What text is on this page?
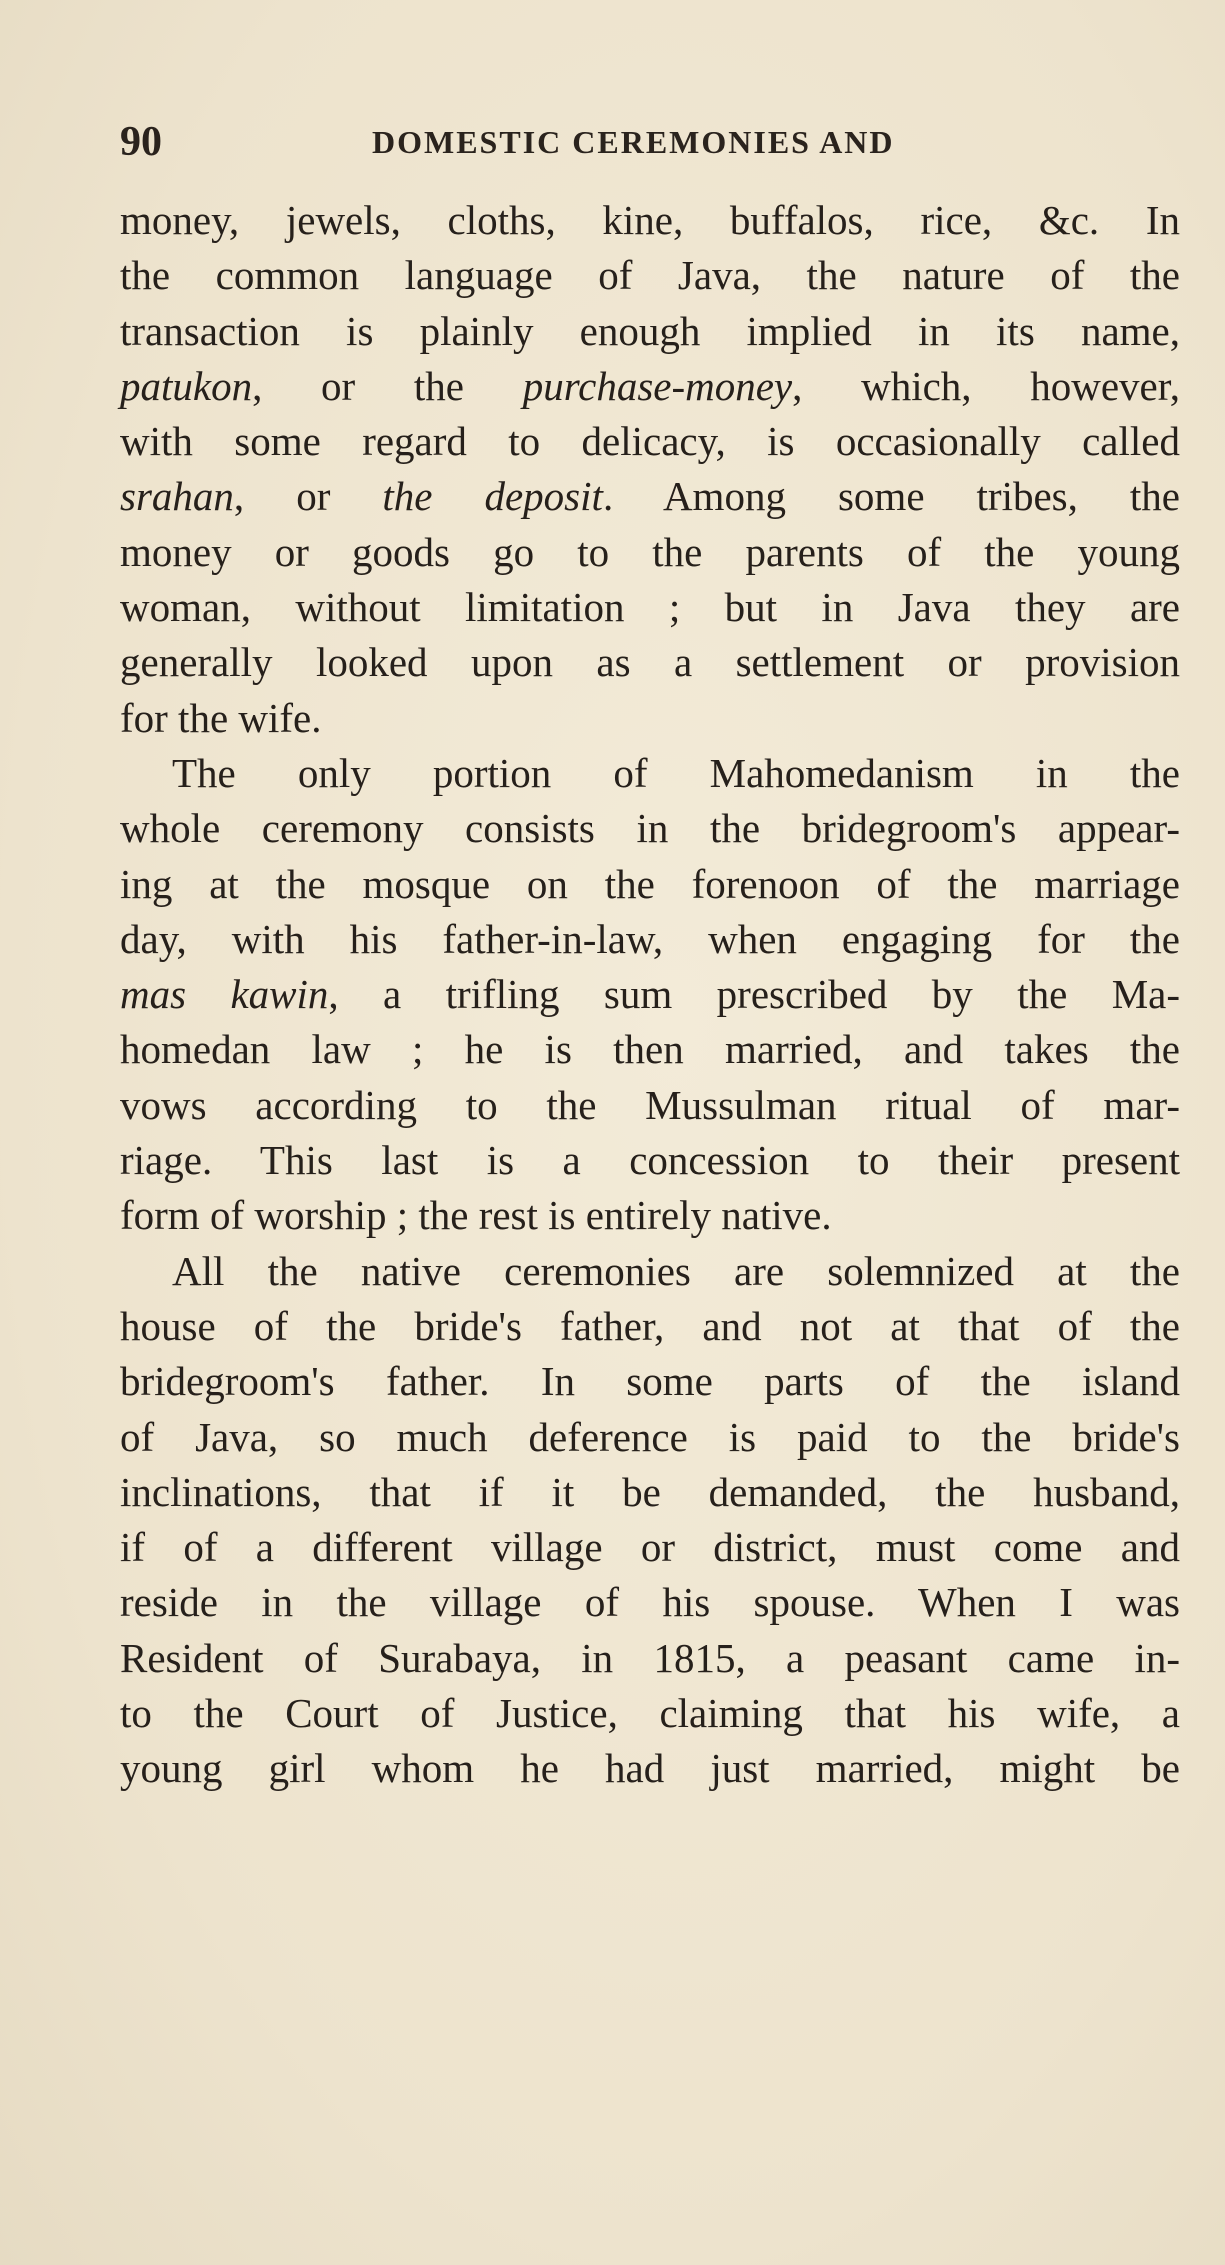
90	DOMESTIC CEREMONIES AND
money, jewels, cloths, kine, buffalos, rice, &c. In
the common language of Java, the nature of the
transaction is plainly enough implied in its name,
patukon, or the purchase-money, which, however,
with some regard to delicacy, is occasionally called
srahan, or the deposit. Among some tribes, the
money or goods go to the parents of the young
woman, without limitation ; but in Java they are
generally looked upon as a settlement or provision
for the wife.
The only portion of Mahomedanism in the
whole ceremony consists in the bridegroom's appear-
ing at the mosque on the forenoon of the marriage
day, with his father-in-law, when engaging for the
mas kawin, a trifling sum prescribed by the Ma-
homedan law ; he is then married, and takes the
vows according to the Mussulman ritual of mar-
riage. This last is a concession to their present
form of worship ; the rest is entirely native.
All the native ceremonies are solemnized at the
house of the bride's father, and not at that of the
bridegroom's father. In some parts of the island
of Java, so much deference is paid to the bride's
inclinations, that if it be demanded, the husband,
if of a different village or district, must come and
reside in the village of his spouse. When I was
Resident of Surabaya, in 1815, a peasant came in-
to the Court of Justice, claiming that his wife, a
young girl whom he had just married, might be
